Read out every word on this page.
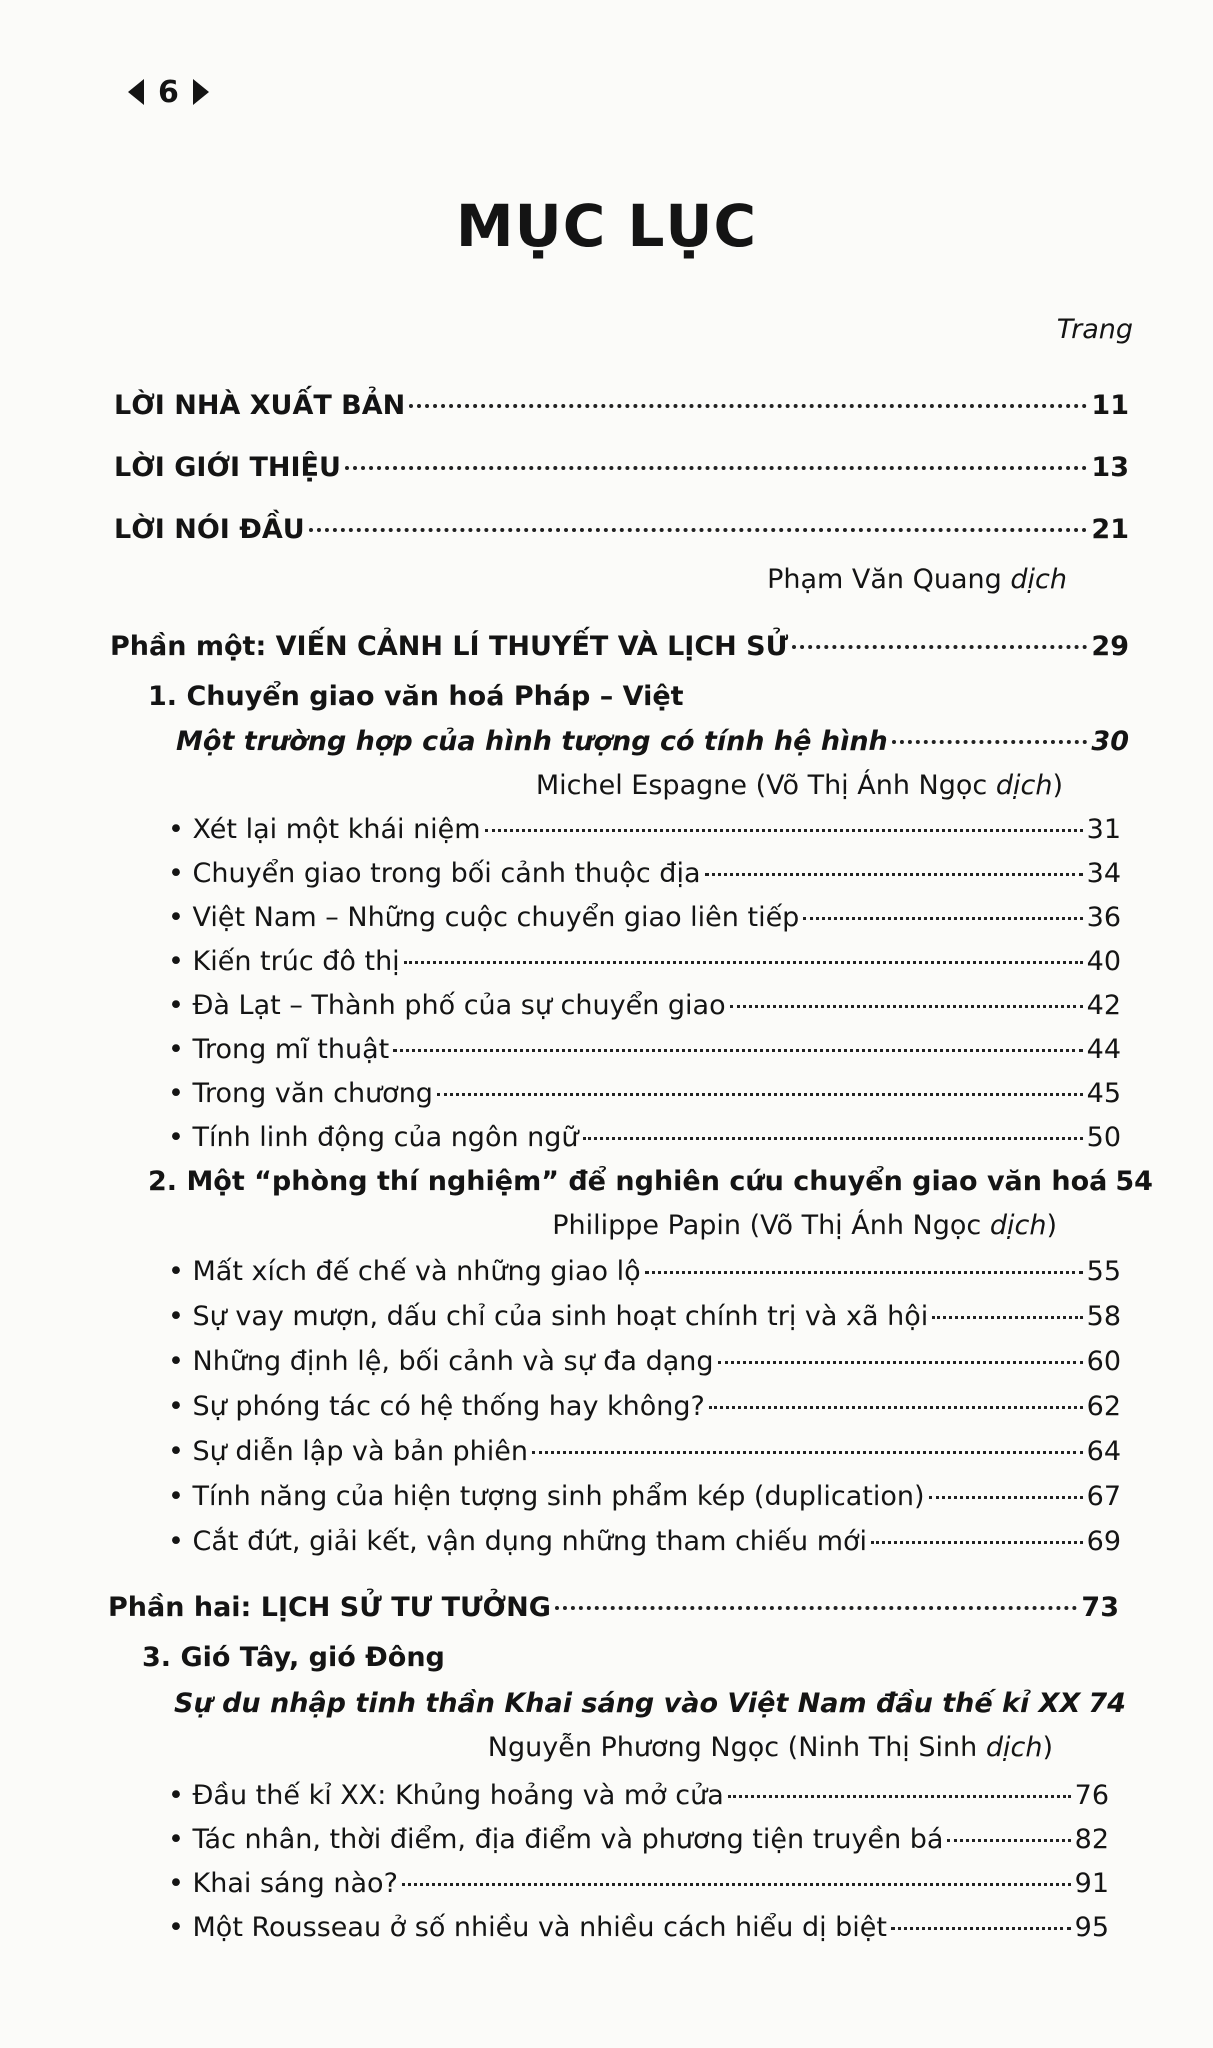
6
MỤC LỤC
Trang
LỜI NHÀ XUẤT BẢN	11
LỜI GIỚI THIỆU	13
LỜI NÓI ĐẦU	21
Phạm Văn Quang dịch
Phần một: VIẾN CẢNH LÍ THUYẾT VÀ LỊCH SỬ	29
1. Chuyển giao văn hoá Pháp – Việt
Một trường hợp của hình tượng có tính hệ hình	30
Michel Espagne (Võ Thị Ánh Ngọc dịch)
• Xét lại một khái niệm	31
• Chuyển giao trong bối cảnh thuộc địa	34
• Việt Nam – Những cuộc chuyển giao liên tiếp	36
• Kiến trúc đô thị	40
• Đà Lạt – Thành phố của sự chuyển giao	42
• Trong mĩ thuật	44
• Trong văn chương	45
• Tính linh động của ngôn ngữ	50
2. Một “phòng thí nghiệm” để nghiên cứu chuyển giao văn hoá 54
Philippe Papin (Võ Thị Ánh Ngọc dịch)
• Mất xích đế chế và những giao lộ	55
• Sự vay mượn, dấu chỉ của sinh hoạt chính trị và xã hội	58
• Những định lệ, bối cảnh và sự đa dạng	60
• Sự phóng tác có hệ thống hay không?	62
• Sự diễn lập và bản phiên	64
• Tính năng của hiện tượng sinh phẩm kép (duplication)	67
• Cắt đứt, giải kết, vận dụng những tham chiếu mới	69
Phần hai: LỊCH SỬ TƯ TƯỞNG	73
3. Gió Tây, gió Đông
Sự du nhập tinh thần Khai sáng vào Việt Nam đầu thế kỉ XX 74
Nguyễn Phương Ngọc (Ninh Thị Sinh dịch)
• Đầu thế kỉ XX: Khủng hoảng và mở cửa	76
• Tác nhân, thời điểm, địa điểm và phương tiện truyền bá	82
• Khai sáng nào?	91
• Một Rousseau ở số nhiều và nhiều cách hiểu dị biệt	95
